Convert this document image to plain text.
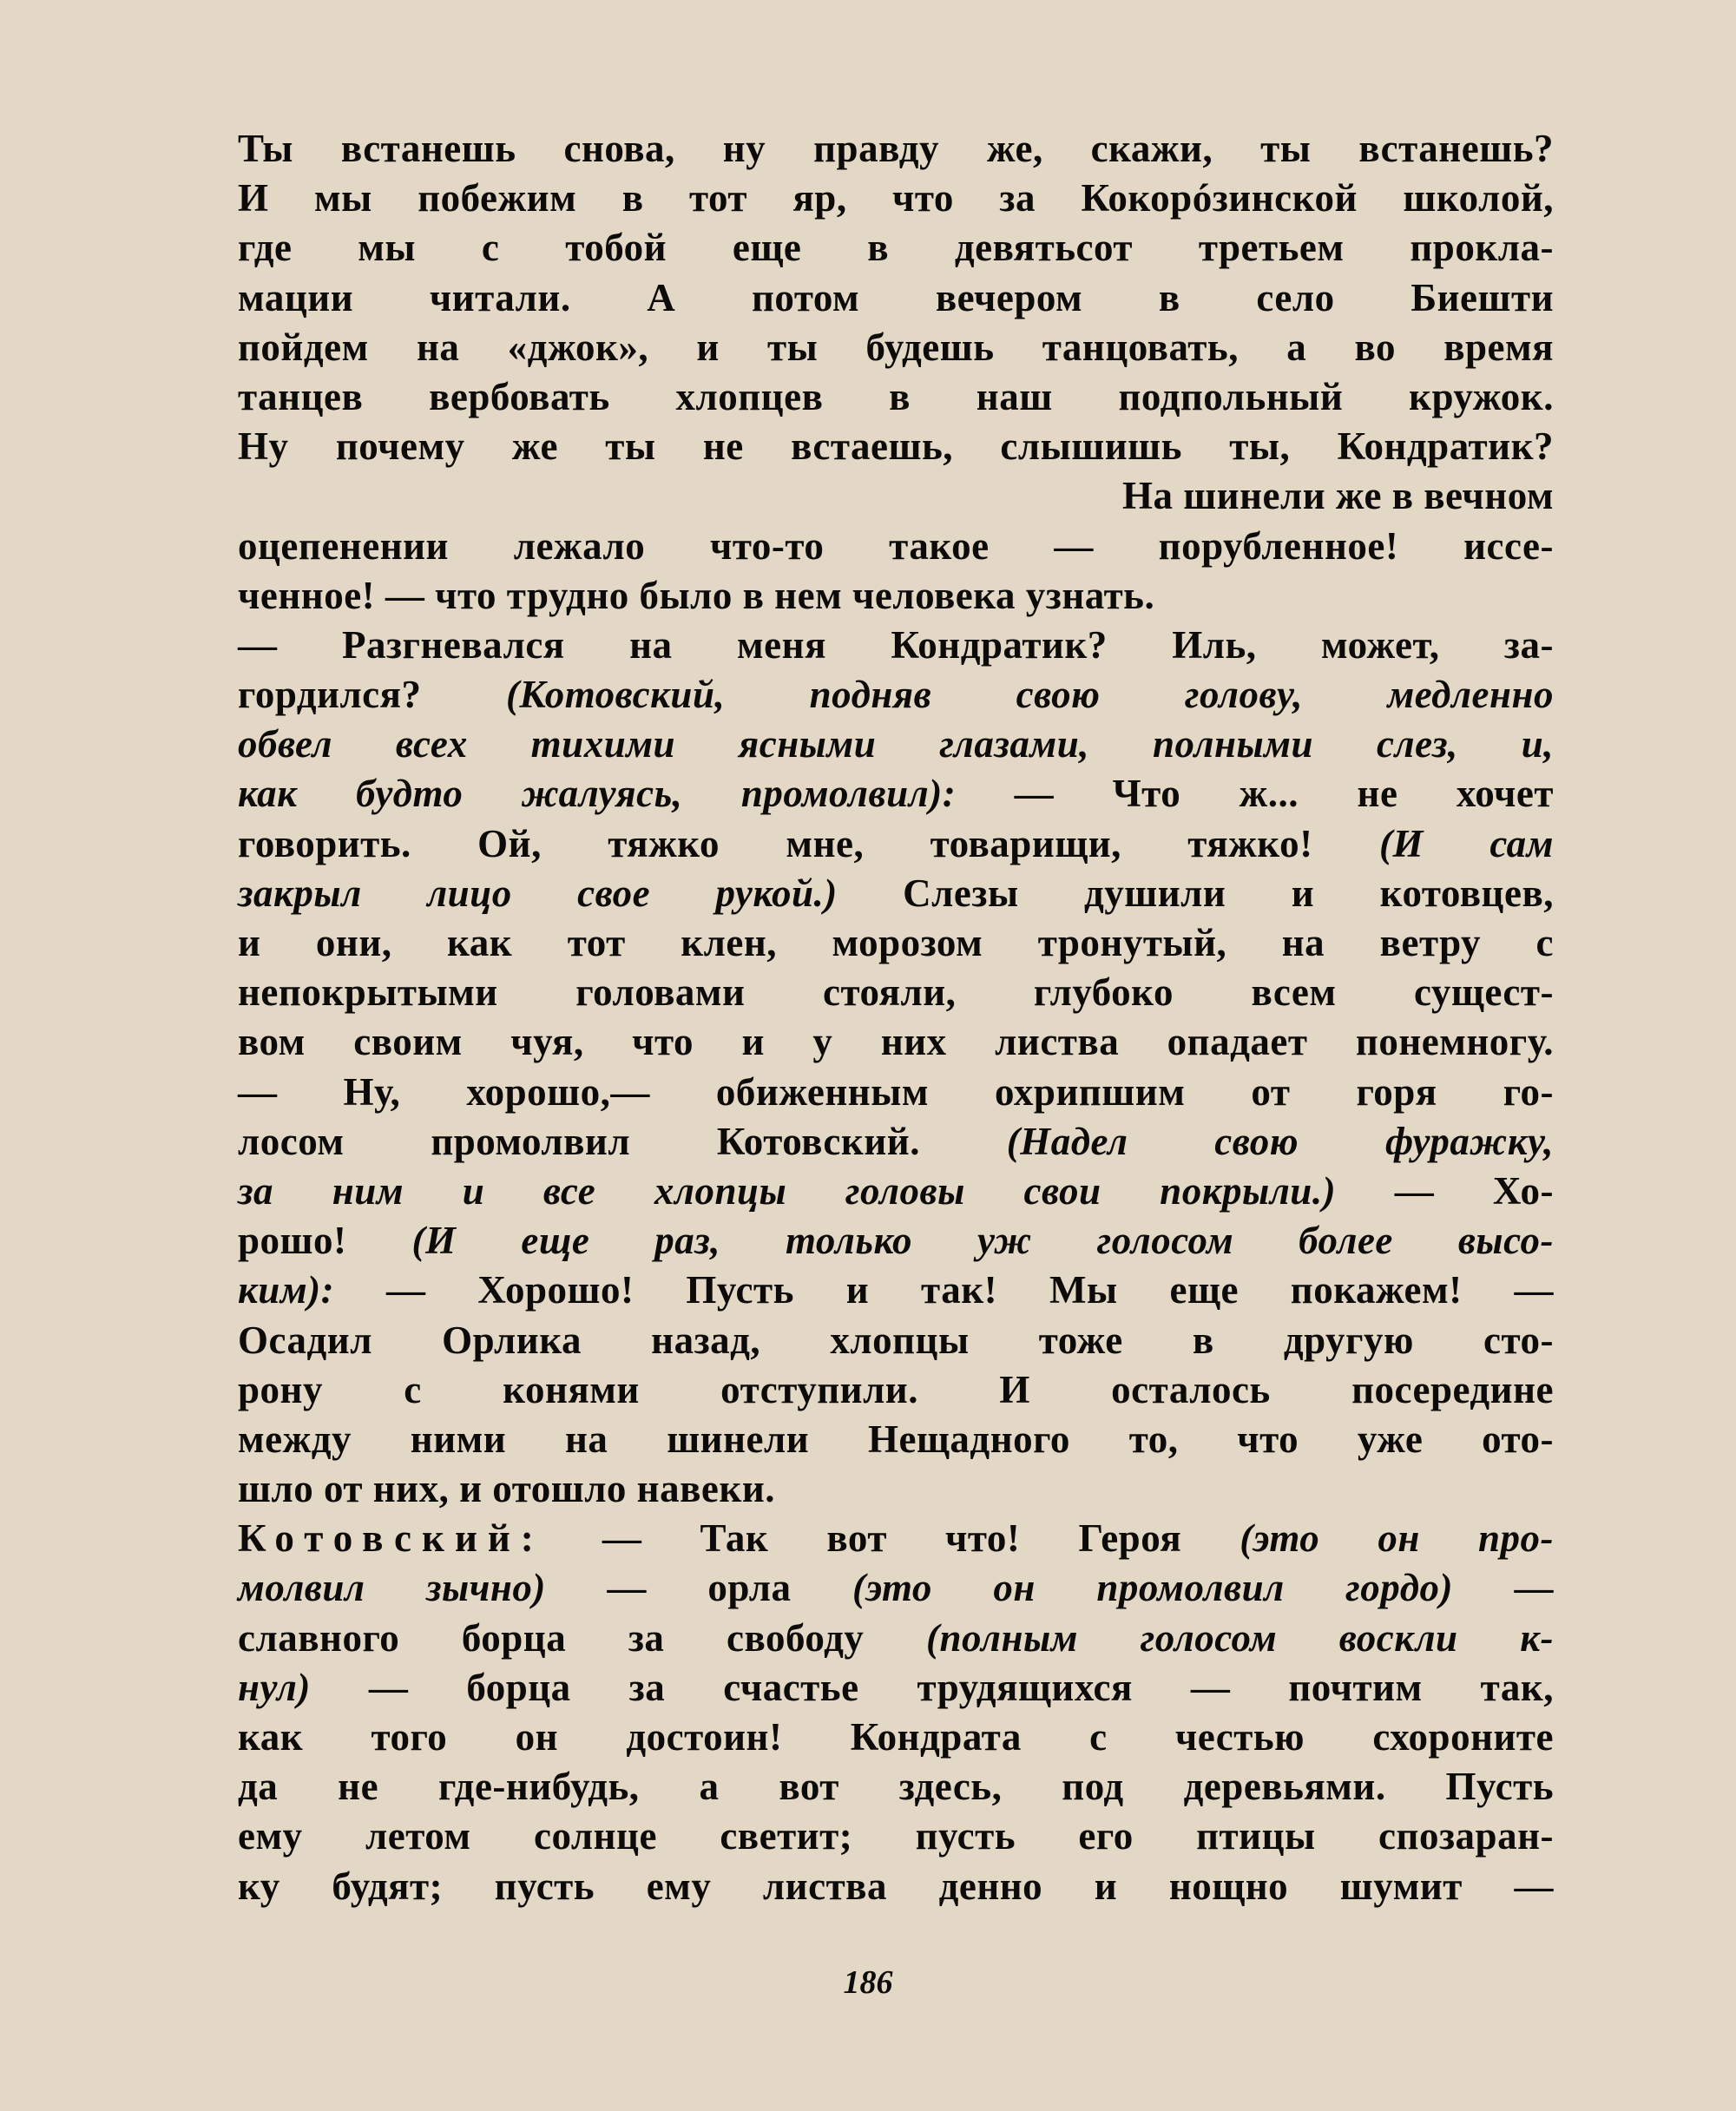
Ты встанешь снова, ну правду же, скажи, ты встанешь?
И мы побежим в тот яр, что за Кокорóзинской школой,
где мы с тобой еще в девятьсот третьем прокла-
мации читали. А потом вечером в село Биешти
пойдем на «джок», и ты будешь танцовать, а во время
танцев вербовать хлопцев в наш подпольный кружок.
Ну почему же ты не встаешь, слышишь ты, Кондратик?
На шинели же в вечном
оцепенении лежало что-то такое — порубленное! иссе-
ченное! — что трудно было в нем человека узнать.
— Разгневался на меня Кондратик? Иль, может, за-
гордился? (Котовский, подняв свою голову, медленно
обвел всех тихими ясными глазами, полными слез, и,
как будто жалуясь, промолвил): — Что ж... не хочет
говорить. Ой, тяжко мне, товарищи, тяжко! (И сам
закрыл лицо свое рукой.) Слезы душили и котовцев,
и они, как тот клен, морозом тронутый, на ветру с
непокрытыми головами стояли, глубоко всем сущест-
вом своим чуя, что и у них листва опадает понемногу.
— Ну, хорошо,— обиженным охрипшим от горя го-
лосом промолвил Котовский. (Надел свою фуражку,
за ним и все хлопцы головы свои покрыли.) — Хо-
рошо! (И еще раз, только уж голосом более высо-
ким): — Хорошо! Пусть и так! Мы еще покажем! —
Осадил Орлика назад, хлопцы тоже в другую сто-
рону с конями отступили. И осталось посередине
между ними на шинели Нещадного то, что уже ото-
шло от них, и отошло навеки.
Котовский: — Так вот что! Героя (это он про-
молвил зычно) — орла (это он промолвил гордо) —
славного борца за свободу (полным голосом воскли к-
нул) — борца за счастье трудящихся — почтим так,
как того он достоин! Кондрата с честью схороните
да не где-нибудь, а вот здесь, под деревьями. Пусть
ему летом солнце светит; пусть его птицы спозаран-
ку будят; пусть ему листва денно и нощно шумит —
186
